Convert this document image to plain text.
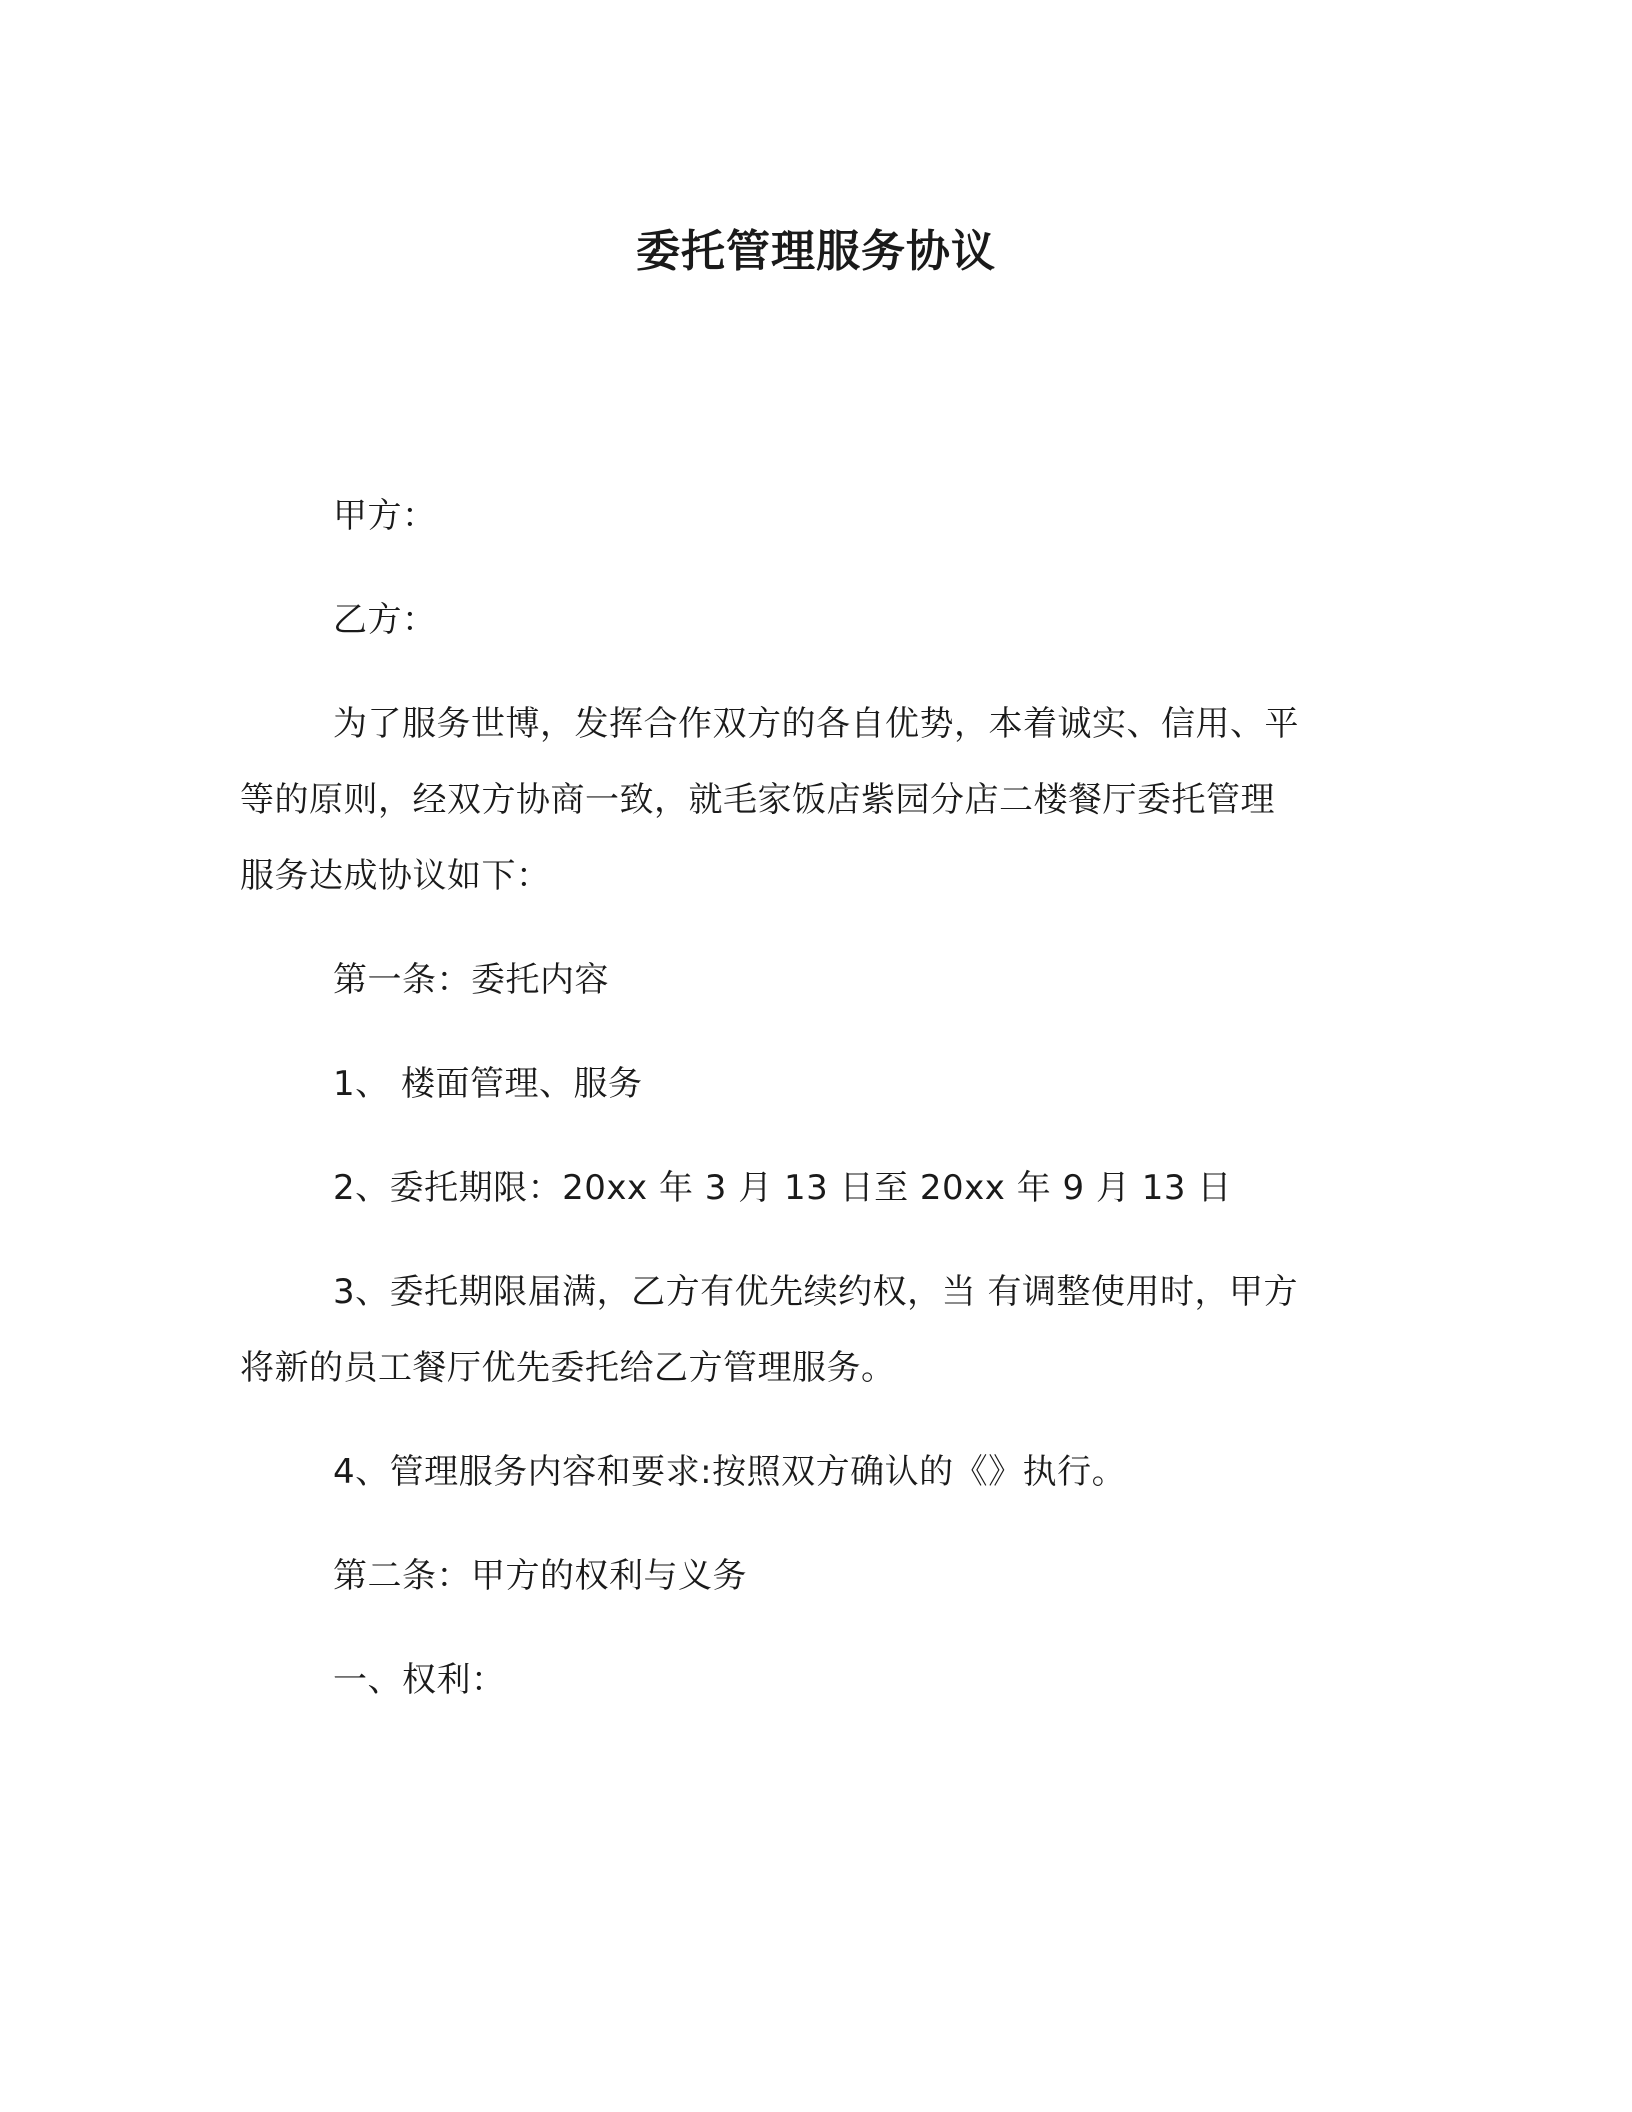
委托管理服务协议
甲方：
乙方：
为了服务世博，发挥合作双方的各自优势，本着诚实、信用、平
等的原则，经双方协商一致，就毛家饭店紫园分店二楼餐厅委托管理
服务达成协议如下：
第一条：委托内容
1、 楼面管理、服务
2、委托期限：20xx 年 3 月 13 日至 20xx 年 9 月 13 日
3、委托期限届满，乙方有优先续约权，当 有调整使用时，甲方
将新的员工餐厅优先委托给乙方管理服务。
4、管理服务内容和要求:按照双方确认的《》执行。
第二条：甲方的权利与义务
一、权利：
